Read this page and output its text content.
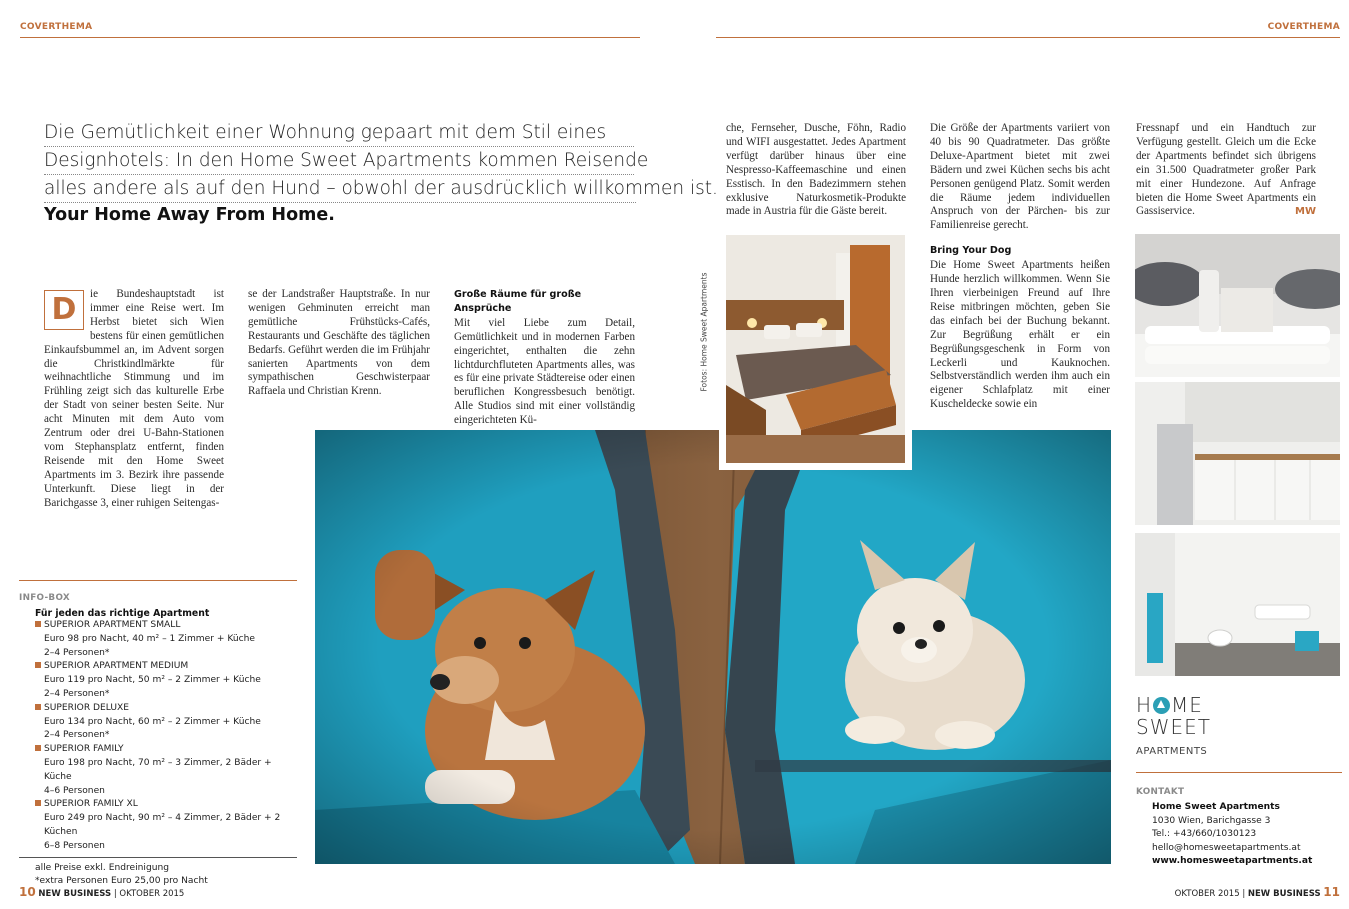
COVERTHEMA	COVERTHEMA
Die Gemütlichkeit einer Wohnung gepaart mit dem Stil eines
Designhotels: In den Home Sweet Apartments kommen Reisende
alles andere als auf den Hund – obwohl der ausdrücklich willkommen ist.
Your Home Away From Home.
D	ie Bundeshauptstadt ist immer eine Reise wert. Im Herbst bietet sich Wien bestens für einen gemütlichen Einkaufsbummel an, im Advent sorgen die Christkindlmärkte für weihnachtliche Stimmung und im Frühling zeigt sich das kulturelle Erbe der Stadt von seiner besten Seite. Nur acht Minuten mit dem Auto vom Zentrum oder drei U-Bahn-Stationen vom Stephansplatz entfernt, finden Reisende mit den Home Sweet Apartments im 3. Bezirk ihre passende Unterkunft. Diese liegt in der Barichgasse 3, einer ruhigen Seitengas-

se der Landstraßer Hauptstraße. In nur wenigen Gehminuten erreicht man gemütliche Frühstücks-Cafés, Restaurants und Geschäfte des täglichen Bedarfs. Geführt werden die im Frühjahr sanierten Apartments von dem sympathischen Geschwisterpaar Raffaela und Christian Krenn.

Große Räume für große Ansprüche

Mit viel Liebe zum Detail, Gemütlichkeit und in modernen Farben eingerichtet, enthalten die zehn lichtdurchfluteten Apartments alles, was es für eine private Städtereise oder einen beruflichen Kongressbesuch benötigt. Alle Studios sind mit einer vollständig eingerichteten Kü-

che, Fernseher, Dusche, Föhn, Radio und WIFI ausgestattet. Jedes Apartment verfügt darüber hinaus über eine Nespresso-Kaffeemaschine und einen Esstisch. In den Badezimmern stehen exklusive Naturkosmetik-Produkte made in Austria für die Gäste bereit.

Die Größe der Apartments variiert von 40 bis 90 Quadratmeter. Das größte Deluxe-Apartment bietet mit zwei Bädern und zwei Küchen sechs bis acht Personen genügend Platz. Somit werden die Räume jedem individuellen Anspruch von der Pärchen- bis zur Familienreise gerecht.

Bring Your Dog

Die Home Sweet Apartments heißen Hunde herzlich willkommen. Wenn Sie Ihren vierbeinigen Freund auf Ihre Reise mitbringen möchten, geben Sie das einfach bei der Buchung bekannt. Zur Begrüßung erhält er ein Begrüßungsgeschenk in Form von Leckerli und Kauknochen. Selbstverständlich werden ihm auch ein eigener Schlafplatz mit einer Kuscheldecke sowie ein

Fressnapf und ein Handtuch zur Verfügung gestellt. Gleich um die Ecke der Apartments befindet sich übrigens ein 31.500 Quadratmeter großer Park mit einer Hundezone. Auf Anfrage bieten die Home Sweet Apartments ein Gassiservice.	MW
Fotos: Home Sweet Apartments
INFO-BOX
Für jeden das richtige Apartment
SUPERIOR APARTMENT SMALL
Euro 98 pro Nacht, 40 m² – 1 Zimmer + Küche
2–4 Personen*
SUPERIOR APARTMENT MEDIUM
Euro 119 pro Nacht, 50 m² – 2 Zimmer + Küche
2–4 Personen*
SUPERIOR DELUXE
Euro 134 pro Nacht, 60 m² – 2 Zimmer + Küche
2–4 Personen*
SUPERIOR FAMILY
Euro 198 pro Nacht, 70 m² – 3 Zimmer, 2 Bäder + Küche
4–6 Personen
SUPERIOR FAMILY XL
Euro 249 pro Nacht, 90 m² – 4 Zimmer, 2 Bäder + 2 Küchen
6–8 Personen
alle Preise exkl. Endreinigung
*extra Personen Euro 25,00 pro Nacht
H ME
SWEET
APARTMENTS
KONTAKT
Home Sweet Apartments
1030 Wien, Barichgasse 3
Tel.: +43/660/1030123
hello@homesweetapartments.at
www.homesweetapartments.at
10 NEW BUSINESS | OKTOBER 2015	OKTOBER 2015 | NEW BUSINESS 11
